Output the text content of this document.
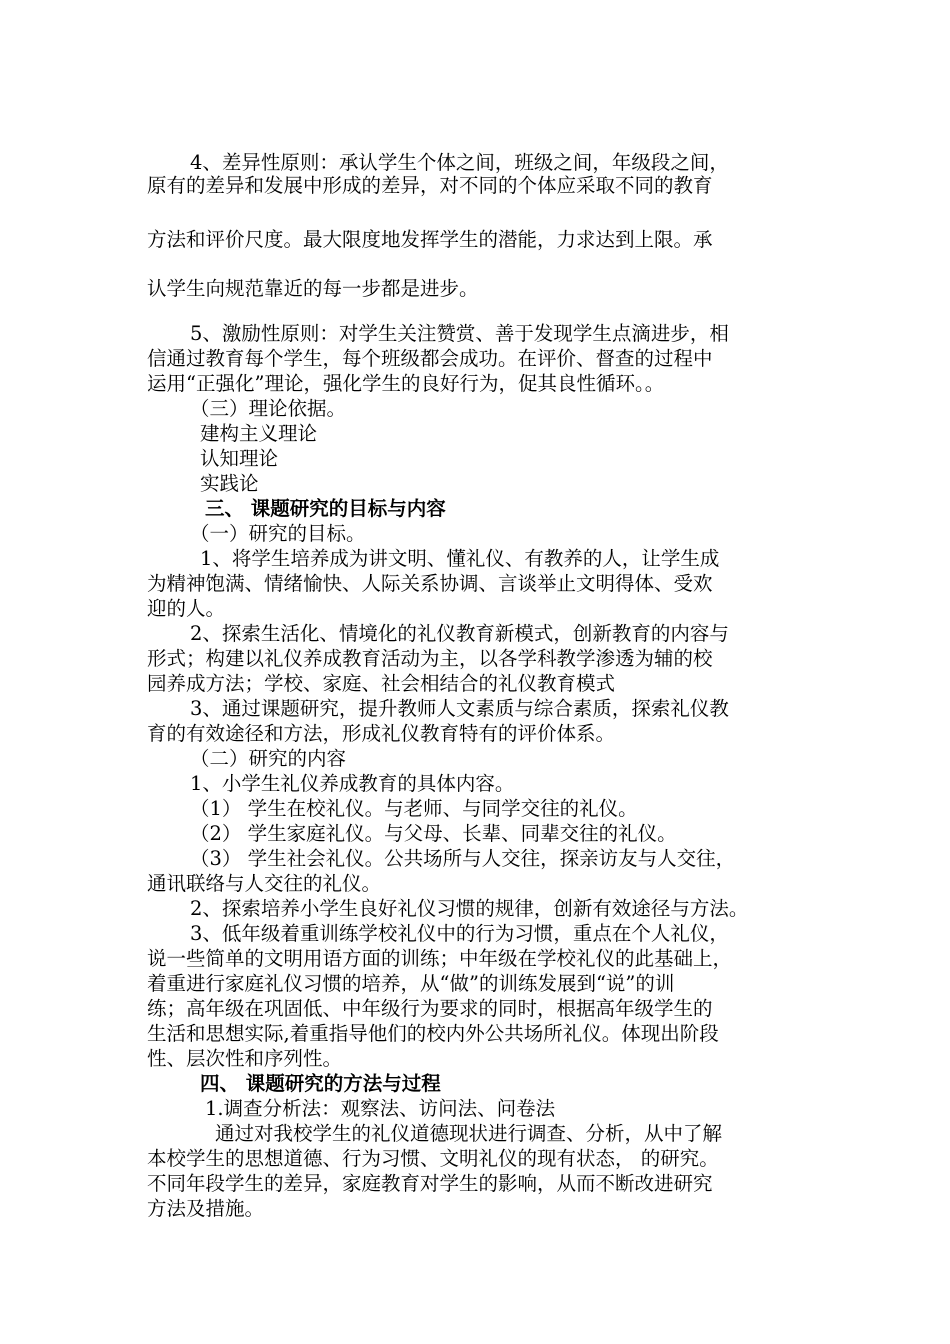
4、差异性原则：承认学生个体之间，班级之间，年级段之间，

原有的差异和发展中形成的差异，对不同的个体应采取不同的教育

方法和评价尺度。最大限度地发挥学生的潜能，力求达到上限。承

认学生向规范靠近的每一步都是进步。

5、激励性原则：对学生关注赞赏、善于发现学生点滴进步，相

信通过教育每个学生，每个班级都会成功。在评价、督查的过程中

运用“正强化”理论，强化学生的良好行为，促其良性循环。。

（三）理论依据。

建构主义理论

认知理论

实践论

三、 课题研究的目标与内容

（一）研究的目标。

1、将学生培养成为讲文明、懂礼仪、有教养的人，让学生成

为精神饱满、情绪愉快、人际关系协调、言谈举止文明得体、受欢

迎的人。

2、探索生活化、情境化的礼仪教育新模式，创新教育的内容与

形式；构建以礼仪养成教育活动为主，以各学科教学渗透为辅的校

园养成方法；学校、家庭、社会相结合的礼仪教育模式

3、通过课题研究，提升教师人文素质与综合素质，探索礼仪教

育的有效途径和方法，形成礼仪教育特有的评价体系。

（二）研究的内容

1、小学生礼仪养成教育的具体内容。

（1） 学生在校礼仪。与老师、与同学交往的礼仪。

（2） 学生家庭礼仪。与父母、长辈、同辈交往的礼仪。

（3） 学生社会礼仪。公共场所与人交往，探亲访友与人交往，

通讯联络与人交往的礼仪。

2、探索培养小学生良好礼仪习惯的规律，创新有效途径与方法。

3、低年级着重训练学校礼仪中的行为习惯，重点在个人礼仪，

说一些简单的文明用语方面的训练；中年级在学校礼仪的此基础上，

着重进行家庭礼仪习惯的培养，从“做”的训练发展到“说”的训

练；高年级在巩固低、中年级行为要求的同时，根据高年级学生的

生活和思想实际,着重指导他们的校内外公共场所礼仪。体现出阶段

性、层次性和序列性。

四、 课题研究的方法与过程

1.调查分析法：观察法、访问法、问卷法

通过对我校学生的礼仪道德现状进行调查、分析，从中了解

本校学生的思想道德、行为习惯、文明礼仪的现有状态， 的研究。

不同年段学生的差异，家庭教育对学生的影响，从而不断改进研究

方法及措施。
